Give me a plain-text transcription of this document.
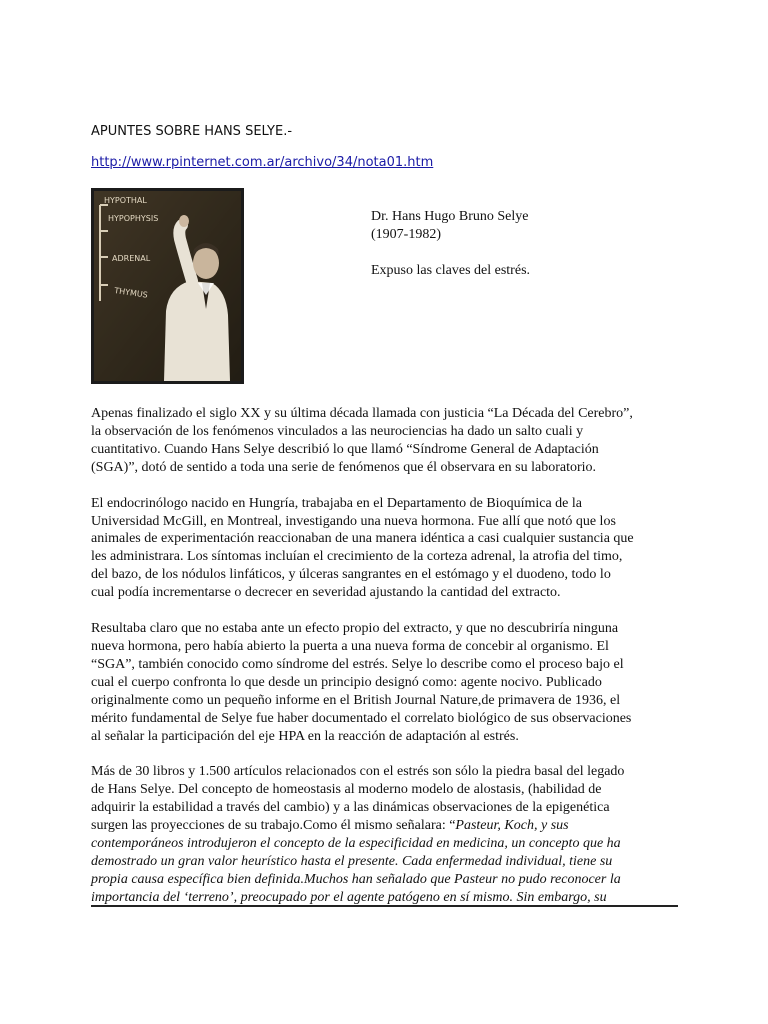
APUNTES SOBRE HANS SELYE.-
http://www.rpinternet.com.ar/archivo/34/nota01.htm
HYPOTHAL
HYPOPHYSIS
ADRENAL
THYMUS

Dr. Hans Hugo Bruno Selye

(1907-1982)

Expuso las claves del estrés.

Apenas finalizado el siglo XX y su última década llamada con justicia “La Década del Cerebro”,
la observación de los fenómenos vinculados a las neurociencias ha dado un salto cuali y
cuantitativo. Cuando Hans Selye describió lo que llamó “Síndrome General de Adaptación
(SGA)”, dotó de sentido a toda una serie de fenómenos que él observara en su laboratorio.

El endocrinólogo nacido en Hungría, trabajaba en el Departamento de Bioquímica de la
Universidad McGill, en Montreal, investigando una nueva hormona. Fue allí que notó que los
animales de experimentación reaccionaban de una manera idéntica a casi cualquier sustancia que
les administrara. Los síntomas incluían el crecimiento de la corteza adrenal, la atrofia del timo,
del bazo, de los nódulos linfáticos, y úlceras sangrantes en el estómago y el duodeno, todo lo
cual podía incrementarse o decrecer en severidad ajustando la cantidad del extracto.

Resultaba claro que no estaba ante un efecto propio del extracto, y que no descubriría ninguna
nueva hormona, pero había abierto la puerta a una nueva forma de concebir al organismo. El
“SGA”, también conocido como síndrome del estrés. Selye lo describe como el proceso bajo el
cual el cuerpo confronta lo que desde un principio designó como: agente nocivo. Publicado
originalmente como un pequeño informe en el British Journal Nature,de primavera de 1936, el
mérito fundamental de Selye fue haber documentado el correlato biológico de sus observaciones
al señalar la participación del eje HPA en la reacción de adaptación al estrés.

Más de 30 libros y 1.500 artículos relacionados con el estrés son sólo la piedra basal del legado
de Hans Selye. Del concepto de homeostasis al moderno modelo de alostasis, (habilidad de
adquirir la estabilidad a través del cambio) y a las dinámicas observaciones de la epigenética
surgen las proyecciones de su trabajo.Como él mismo señalara: “Pasteur, Koch, y sus
contemporáneos introdujeron el concepto de la especificidad en medicina, un concepto que ha
demostrado un gran valor heurístico hasta el presente. Cada enfermedad individual, tiene su
propia causa específica bien definida.Muchos han señalado que Pasteur no pudo reconocer la
importancia del ‘terreno’, preocupado por el agente patógeno en sí mismo. Sin embargo, su
